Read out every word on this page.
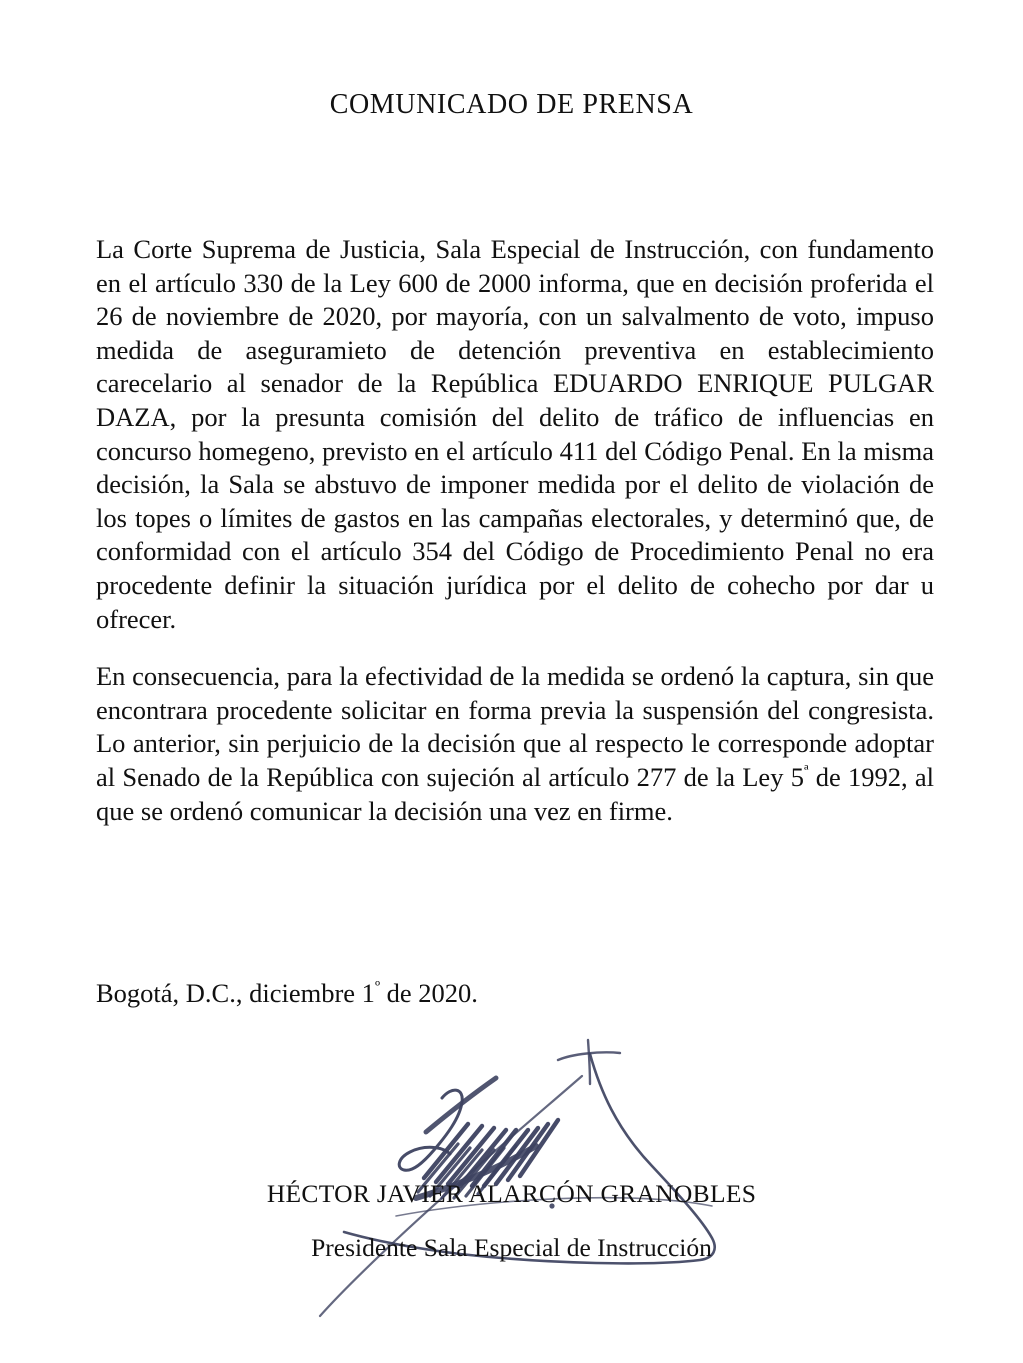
COMUNICADO DE PRENSA

La Corte Suprema de Justicia, Sala Especial de Instrucción, con fundamento en el artículo 330 de la Ley 600 de 2000 informa, que en decisión proferida el 26 de noviembre de 2020, por mayoría, con un salvalmento de voto, impuso medida de aseguramieto de detención preventiva en establecimiento carecelario al senador de la República EDUARDO ENRIQUE PULGAR DAZA, por la presunta comisión del delito de tráfico de influencias en concurso homegeno, previsto en el artículo 411 del Código Penal. En la misma decisión, la Sala se abstuvo de imponer medida por el delito de violación de los topes o límites de gastos en las campañas electorales, y determinó que, de conformidad con el artículo 354 del Código de Procedimiento Penal no era procedente definir la situación jurídica por el delito de cohecho por dar u ofrecer.

En consecuencia, para la efectividad de la medida se ordenó la captura, sin que encontrara procedente solicitar en forma previa la suspensión del congresista. Lo anterior, sin perjuicio de la decisión que al respecto le corresponde adoptar al Senado de la República con sujeción al artículo 277 de la Ley $5^ª$ de 1992, al que se ordenó comunicar la decisión una vez en firme.

Bogotá, D.C., diciembre $1^º$ de 2020.
HÉCTOR JAVIER ALARCÓN GRANOBLES
Presidente Sala Especial de Instrucción
